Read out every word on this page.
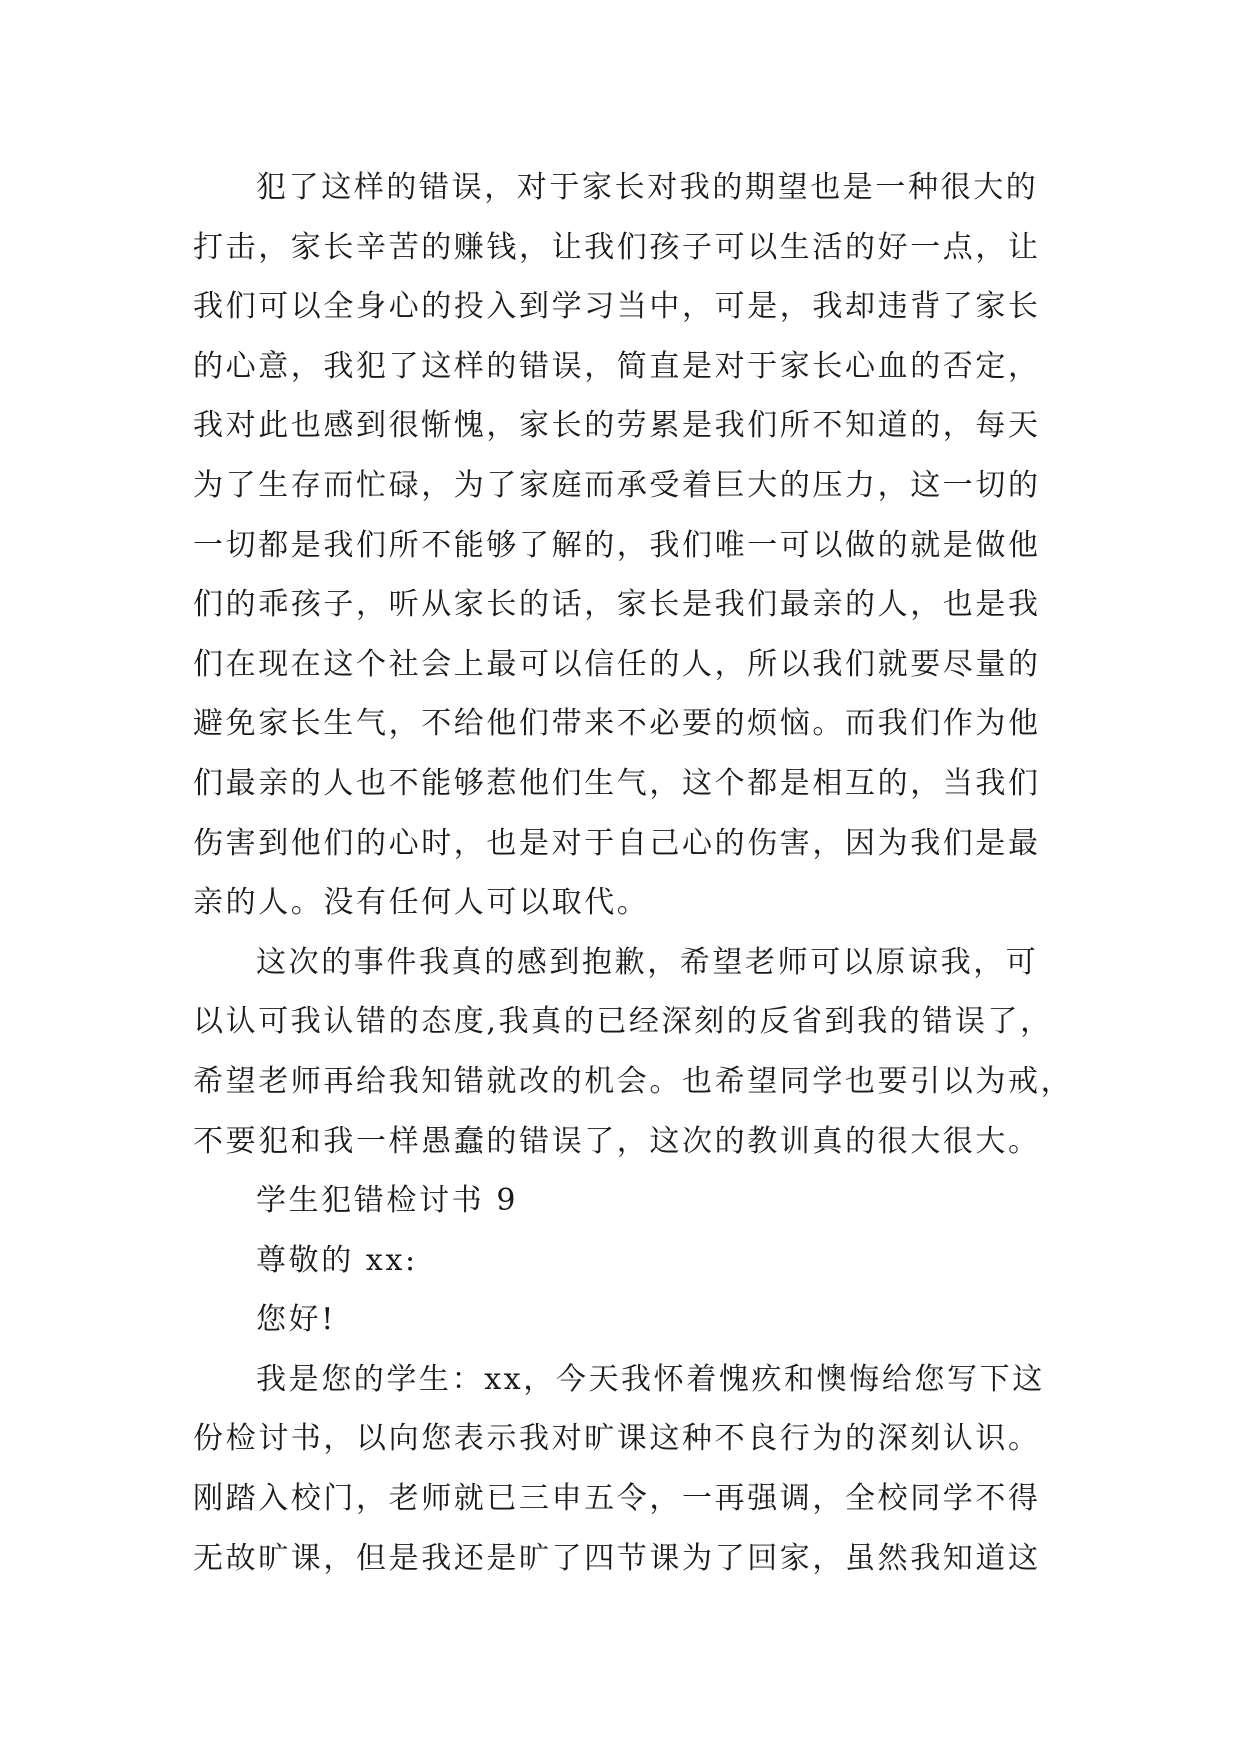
犯了这样的错误，对于家长对我的期望也是一种很大的
打击，家长辛苦的赚钱，让我们孩子可以生活的好一点，让
我们可以全身心的投入到学习当中，可是，我却违背了家长
的心意，我犯了这样的错误，简直是对于家长心血的否定，
我对此也感到很惭愧，家长的劳累是我们所不知道的，每天
为了生存而忙碌，为了家庭而承受着巨大的压力，这一切的
一切都是我们所不能够了解的，我们唯一可以做的就是做他
们的乖孩子，听从家长的话，家长是我们最亲的人，也是我
们在现在这个社会上最可以信任的人，所以我们就要尽量的
避免家长生气，不给他们带来不必要的烦恼。而我们作为他
们最亲的人也不能够惹他们生气，这个都是相互的，当我们
伤害到他们的心时，也是对于自己心的伤害，因为我们是最
亲的人。没有任何人可以取代。
这次的事件我真的感到抱歉，希望老师可以原谅我，可
以认可我认错的态度,我真的已经深刻的反省到我的错误了，
希望老师再给我知错就改的机会。也希望同学也要引以为戒，
不要犯和我一样愚蠢的错误了，这次的教训真的很大很大。
学生犯错检讨书 9
尊敬的 xx:
您好!
我是您的学生：xx，今天我怀着愧疚和懊悔给您写下这
份检讨书，以向您表示我对旷课这种不良行为的深刻认识。
刚踏入校门，老师就已三申五令，一再强调，全校同学不得
无故旷课，但是我还是旷了四节课为了回家，虽然我知道这
